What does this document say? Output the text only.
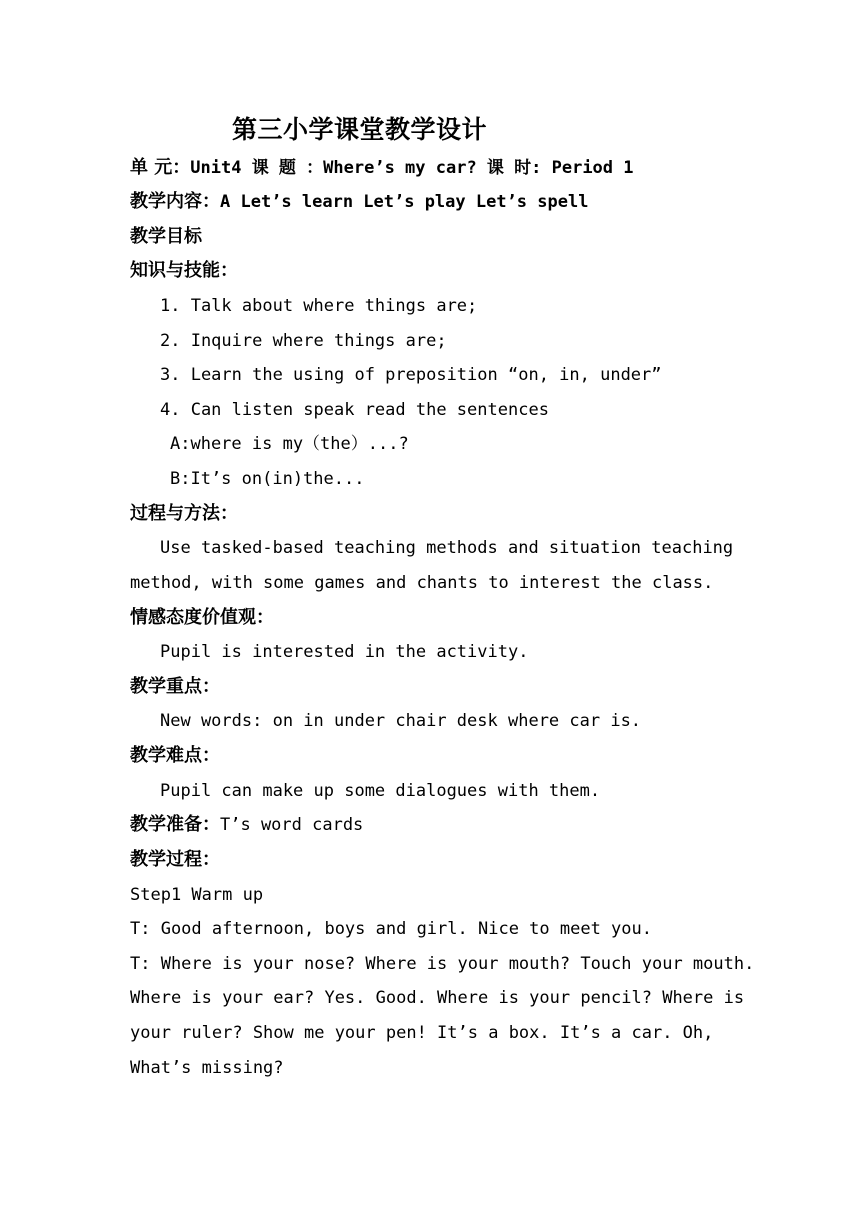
第三小学课堂教学设计
单 元：Unit4 课 题 ：Where’s my car? 课 时: Period 1
教学内容：A Let’s learn Let’s play Let’s spell
教学目标
知识与技能：
1. Talk about where things are;
2. Inquire where things are;
3. Learn the using of preposition “on, in, under”
4. Can listen speak read the sentences
A:where is my（the）...?
B:It’s on(in)the...
过程与方法：
Use tasked-based teaching methods and situation teaching
method, with some games and chants to interest the class.
情感态度价值观：
Pupil is interested in the activity.
教学重点：
New words: on in under chair desk where car is.
教学难点：
Pupil can make up some dialogues with them.
教学准备：T’s word cards
教学过程：
Step1 Warm up
T: Good afternoon, boys and girl. Nice to meet you.
T: Where is your nose? Where is your mouth? Touch your mouth.
Where is your ear? Yes. Good. Where is your pencil? Where is
your ruler? Show me your pen! It’s a box. It’s a car. Oh,
What’s missing?
